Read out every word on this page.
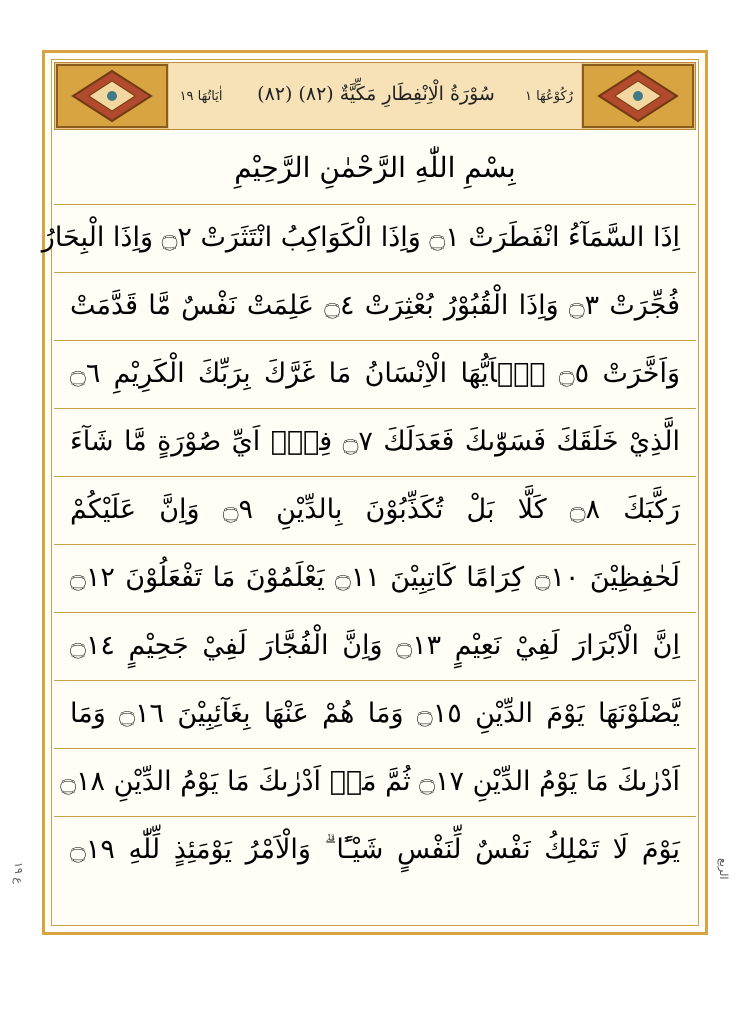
رُكُوْعُهَا ١
سُوْرَةُ الْاِنْفِطَارِ مَكِّيَّةٌ (٨٢) (٨٢)
اٰيَاتُهَا ١٩
بِسْمِ اللّٰهِ الرَّحْمٰنِ الرَّحِيْمِ
اِذَا السَّمَآءُ انْفَطَرَتْ ۝١ وَاِذَا الْكَوَاكِبُ انْتَثَرَتْ ۝٢ وَاِذَا الْبِحَارُ
فُجِّرَتْ ۝٣ وَاِذَا الْقُبُوْرُ بُعْثِرَتْ ۝٤ عَلِمَتْ نَفْسٌ مَّا قَدَّمَتْ
وَاَخَّرَتْ ۝٥ يٰۤاَيُّهَا الْاِنْسَانُ مَا غَرَّكَ بِرَبِّكَ الْكَرِيْمِ ۝٦
الَّذِيْ خَلَقَكَ فَسَوّٰىكَ فَعَدَلَكَ ۝٧ فِيْۤ اَيِّ صُوْرَةٍ مَّا شَآءَ
رَكَّبَكَ ۝٨ كَلَّا بَلْ تُكَذِّبُوْنَ بِالدِّيْنِ ۝٩ وَاِنَّ عَلَيْكُمْ
لَحٰفِظِيْنَ ۝١٠ كِرَامًا كَاتِبِيْنَ ۝١١ يَعْلَمُوْنَ مَا تَفْعَلُوْنَ ۝١٢
اِنَّ الْاَبْرَارَ لَفِيْ نَعِيْمٍ ۝١٣ وَاِنَّ الْفُجَّارَ لَفِيْ جَحِيْمٍ ۝١٤
يَّصْلَوْنَهَا يَوْمَ الدِّيْنِ ۝١٥ وَمَا هُمْ عَنْهَا بِغَآئِبِيْنَ ۝١٦ وَمَا
اَدْرٰىكَ مَا يَوْمُ الدِّيْنِ ۝١٧ ثُمَّ مَاۤ اَدْرٰىكَ مَا يَوْمُ الدِّيْنِ ۝١٨
يَوْمَ لَا تَمْلِكُ نَفْسٌ لِّنَفْسٍ شَيْـًٔا ۗ وَالْاَمْرُ يَوْمَئِذٍ لِّلّٰهِ ۝١٩
ع ١٩	الربع
